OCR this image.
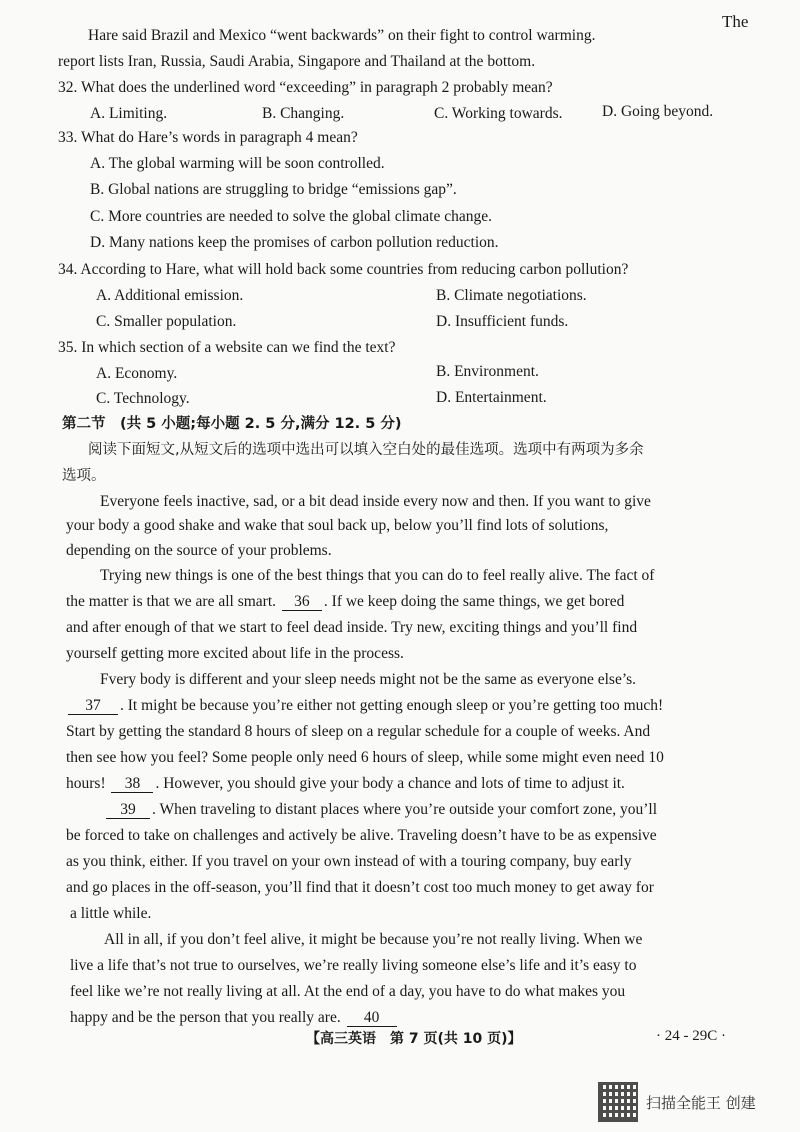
The
Hare said Brazil and Mexico “went backwards” on their fight to control warming.
report lists Iran, Russia, Saudi Arabia, Singapore and Thailand at the bottom.
32. What does the underlined word “exceeding” in paragraph 2 probably mean?
A. Limiting.	B. Changing.	C. Working towards.	D. Going beyond.
33. What do Hare’s words in paragraph 4 mean?
A. The global warming will be soon controlled.
B. Global nations are struggling to bridge “emissions gap”.
C. More countries are needed to solve the global climate change.
D. Many nations keep the promises of carbon pollution reduction.
34. According to Hare, what will hold back some countries from reducing carbon pollution?
A. Additional emission.	B. Climate negotiations.
C. Smaller population.	D. Insufficient funds.
35. In which section of a website can we find the text?
A. Economy.	B. Environment.
C. Technology.	D. Entertainment.
第二节　(共 5 小题;每小题 2. 5 分,满分 12. 5 分)
阅读下面短文,从短文后的选项中选出可以填入空白处的最佳选项。选项中有两项为多余
选项。
Everyone feels inactive, sad, or a bit dead inside every now and then. If you want to give
your body a good shake and wake that soul back up, below you’ll find lots of solutions,
depending on the source of your problems.
Trying new things is one of the best things that you can do to feel really alive. The fact of
the matter is that we are all smart. 36 . If we keep doing the same things, we get bored
and after enough of that we start to feel dead inside. Try new, exciting things and you’ll find
yourself getting more excited about life in the process.
Fvery body is different and your sleep needs might not be the same as everyone else’s.
37 . It might be because you’re either not getting enough sleep or you’re getting too much!
Start by getting the standard 8 hours of sleep on a regular schedule for a couple of weeks. And
then see how you feel? Some people only need 6 hours of sleep, while some might even need 10
hours! 38 . However, you should give your body a chance and lots of time to adjust it.
39 . When traveling to distant places where you’re outside your comfort zone, you’ll
be forced to take on challenges and actively be alive. Traveling doesn’t have to be as expensive
as you think, either. If you travel on your own instead of with a touring company, buy early
and go places in the off-season, you’ll find that it doesn’t cost too much money to get away for
a little while.
All in all, if you don’t feel alive, it might be because you’re not really living. When we
live a life that’s not true to ourselves, we’re really living someone else’s life and it’s easy to
feel like we’re not really living at all. At the end of a day, you have to do what makes you
happy and be the person that you really are. 40
【高三英语　第 7 页(共 10 页)】	· 24 - 29C ·
扫描全能王 创建
